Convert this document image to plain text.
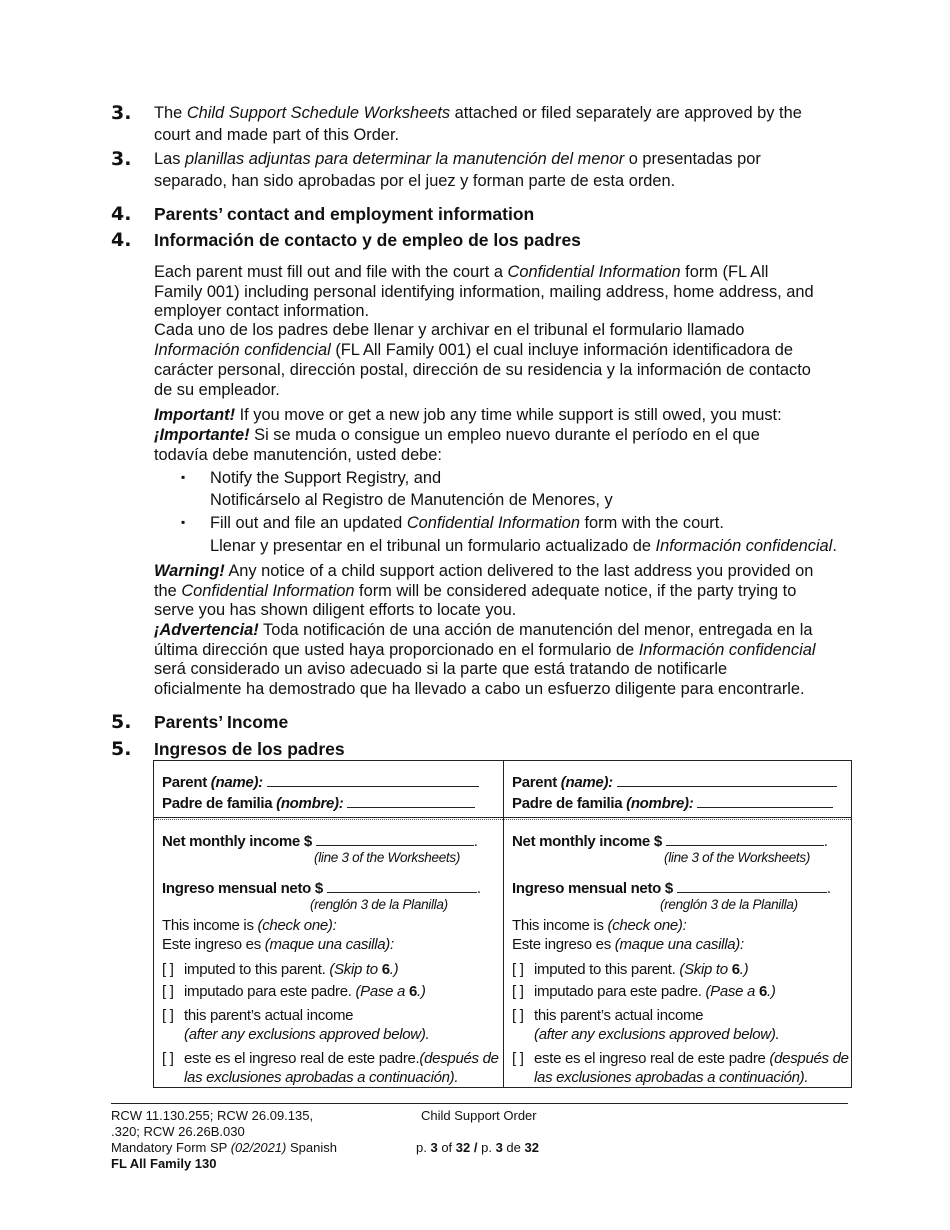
3. The Child Support Schedule Worksheets attached or filed separately are approved by the
court and made part of this Order.
3. Las planillas adjuntas para determinar la manutención del menor o presentadas por
separado, han sido aprobadas por el juez y forman parte de esta orden.
4. Parents’ contact and employment information
4. Información de contacto y de empleo de los padres
Each parent must fill out and file with the court a Confidential Information form (FL All
Family 001) including personal identifying information, mailing address, home address, and
employer contact information.
Cada uno de los padres debe llenar y archivar en el tribunal el formulario llamado
Información confidencial (FL All Family 001) el cual incluye información identificadora de
carácter personal, dirección postal, dirección de su residencia y la información de contacto
de su empleador.
Important! If you move or get a new job any time while support is still owed, you must:
¡Importante! Si se muda o consigue un empleo nuevo durante el período en el que
todavía debe manutención, usted debe:
▪ Notify the Support Registry, and
Notificárselo al Registro de Manutención de Menores, y
▪ Fill out and file an updated Confidential Information form with the court.
Llenar y presentar en el tribunal un formulario actualizado de Información confidencial.
Warning! Any notice of a child support action delivered to the last address you provided on
the Confidential Information form will be considered adequate notice, if the party trying to
serve you has shown diligent efforts to locate you.
¡Advertencia! Toda notificación de una acción de manutención del menor, entregada en la
última dirección que usted haya proporcionado en el formulario de Información confidencial
será considerado un aviso adecuado si la parte que está tratando de notificarle
oficialmente ha demostrado que ha llevado a cabo un esfuerzo diligente para encontrarle.
5. Parents’ Income
5. Ingresos de los padres
Parent (name):
Padre de familia (nombre):
Net monthly income $	.
(line 3 of the Worksheets)
Ingreso mensual neto $	.
(renglón 3 de la Planilla)
This income is (check one):
Este ingreso es (maque una casilla):
[ ] imputed to this parent. (Skip to 6.)
[ ] imputado para este padre. (Pase a 6.)
[ ] this parent’s actual income
(after any exclusions approved below).
[ ] este es el ingreso real de este padre.(después de
las exclusiones aprobadas a continuación).
Parent (name):
Padre de familia (nombre):
Net monthly income $	.
(line 3 of the Worksheets)
Ingreso mensual neto $	.
(renglón 3 de la Planilla)
This income is (check one):
Este ingreso es (maque una casilla):
[ ] imputed to this parent. (Skip to 6.)
[ ] imputado para este padre. (Pase a 6.)
[ ] this parent’s actual income
(after any exclusions approved below).
[ ] este es el ingreso real de este padre (después de
las exclusiones aprobadas a continuación).
RCW 11.130.255; RCW 26.09.135,
.320; RCW 26.26B.030
Mandatory Form SP (02/2021) Spanish
FL All Family 130
Child Support Order
p. 3 of 32 / p. 3 de 32
